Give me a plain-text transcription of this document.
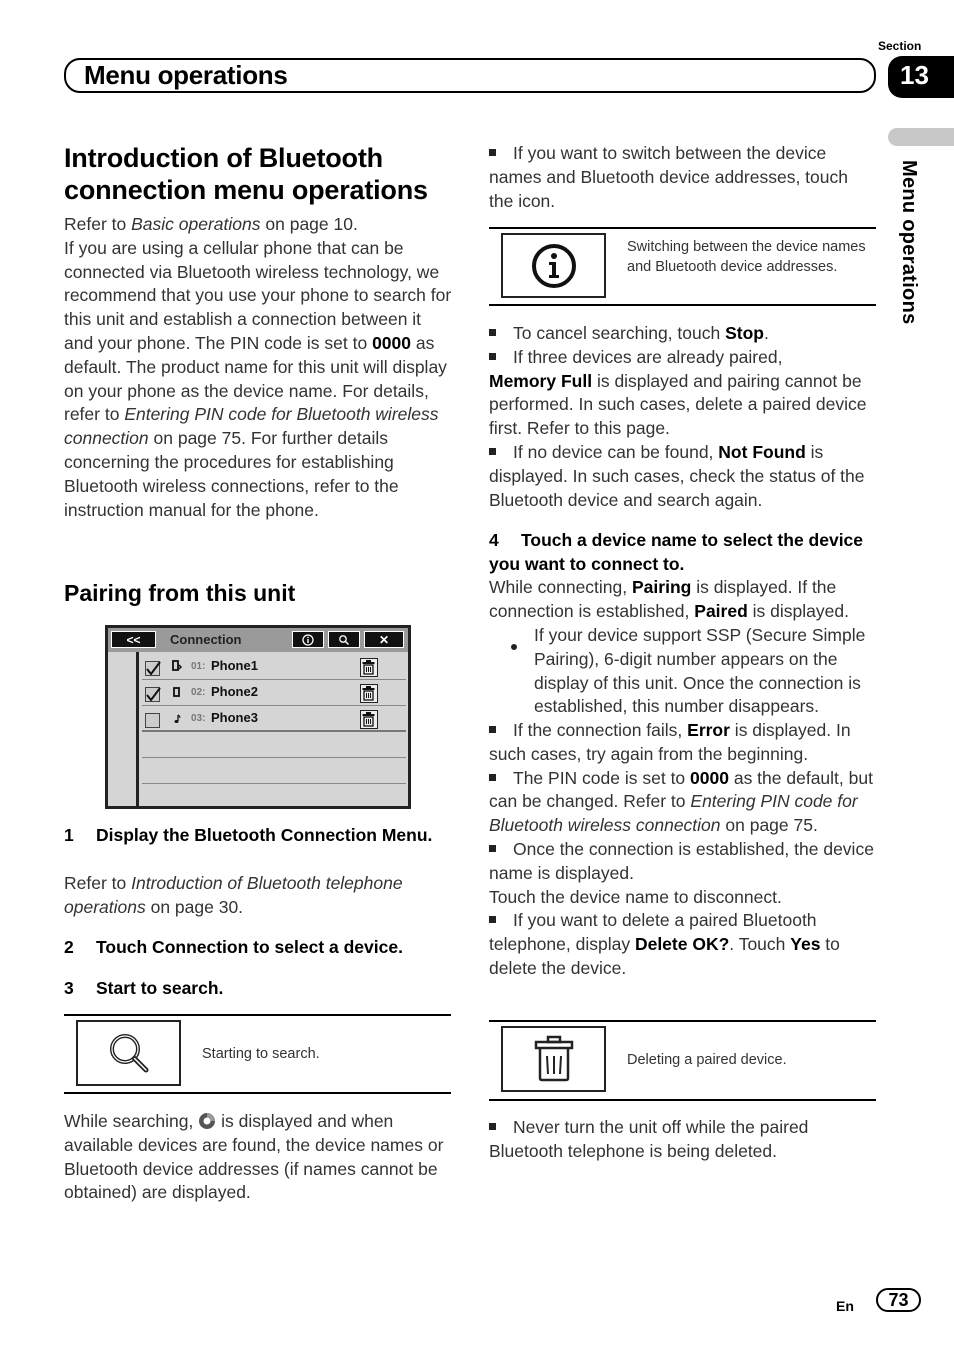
Section
Menu operations	13
Menu operations
Introduction of Bluetooth
connection menu operations
Refer to Basic operations on page 10.
If you are using a cellular phone that can be connected via Bluetooth wireless technology, we recommend that you use your phone to search for this unit and establish a connection between it and your phone. The PIN code is set to 0000 as default. The product name for this unit will display on your phone as the device name. For details, refer to Entering PIN code for Bluetooth wireless connection on page 75. For further details concerning the procedures for establishing Bluetooth wireless connections, refer to the instruction manual for the phone.
Pairing from this unit
<<	Connection	✕
01: Phone1
02: Phone2
03: Phone3
1 Display the Bluetooth Connection Menu.
Refer to Introduction of Bluetooth telephone operations on page 30.
2 Touch Connection to select a device.
3 Start to search.
Starting to search.
While searching,  is displayed and when available devices are found, the device names or Bluetooth device addresses (if names cannot be obtained) are displayed.
If you want to switch between the device names and Bluetooth device addresses, touch the icon.
Switching between the device names and Bluetooth device addresses.
To cancel searching, touch Stop.
If three devices are already paired,
Memory Full is displayed and pairing cannot be performed. In such cases, delete a paired device first. Refer to this page.
If no device can be found, Not Found is displayed. In such cases, check the status of the Bluetooth device and search again.
4 Touch a device name to select the device you want to connect to.
While connecting, Pairing is displayed. If the connection is established, Paired is displayed.
If your device support SSP (Secure Simple Pairing), 6-digit number appears on the display of this unit. Once the connection is established, this number disappears.
If the connection fails, Error is displayed. In such cases, try again from the beginning.
The PIN code is set to 0000 as the default, but can be changed. Refer to Entering PIN code for Bluetooth wireless connection on page 75.
Once the connection is established, the device name is displayed.
Touch the device name to disconnect.
If you want to delete a paired Bluetooth telephone, display Delete OK?. Touch Yes to delete the device.
Deleting a paired device.
Never turn the unit off while the paired Bluetooth telephone is being deleted.
En	73
